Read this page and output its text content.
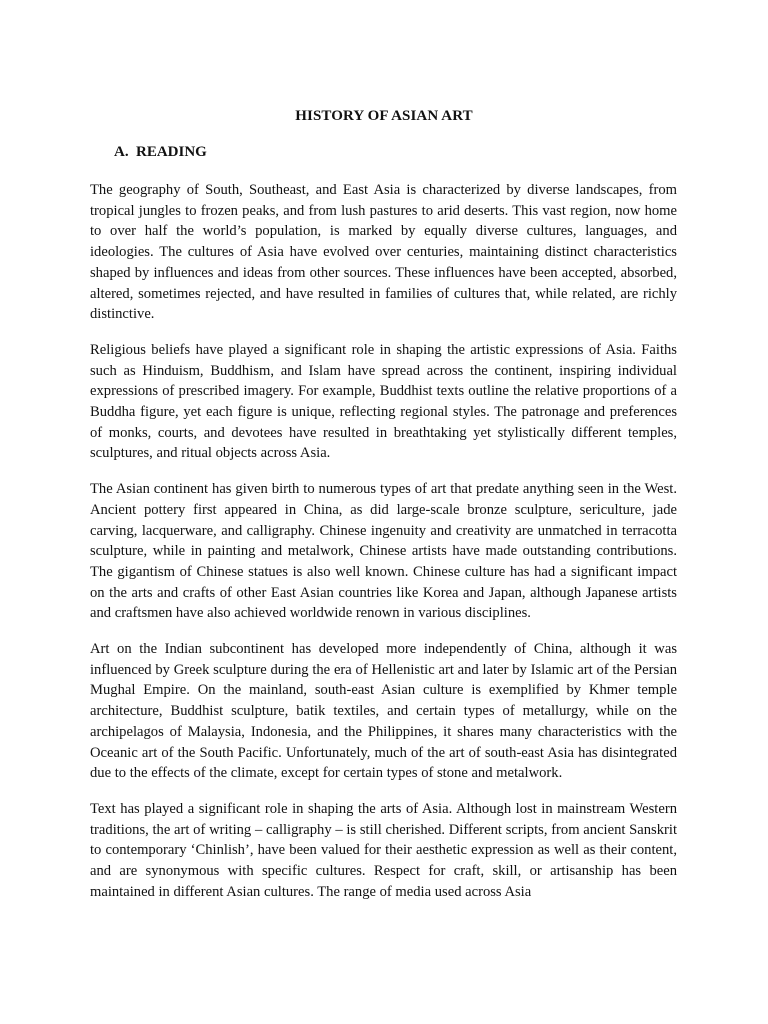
HISTORY OF ASIAN ART
A. READING

The geography of South, Southeast, and East Asia is characterized by diverse landscapes, from tropical jungles to frozen peaks, and from lush pastures to arid deserts. This vast region, now home to over half the world’s population, is marked by equally diverse cultures, languages, and ideologies. The cultures of Asia have evolved over centuries, maintaining distinct characteristics shaped by influences and ideas from other sources. These influences have been accepted, absorbed, altered, sometimes rejected, and have resulted in families of cultures that, while related, are richly distinctive.

Religious beliefs have played a significant role in shaping the artistic expressions of Asia. Faiths such as Hinduism, Buddhism, and Islam have spread across the continent, inspiring individual expressions of prescribed imagery. For example, Buddhist texts outline the relative proportions of a Buddha figure, yet each figure is unique, reflecting regional styles. The patronage and preferences of monks, courts, and devotees have resulted in breathtaking yet stylistically different temples, sculptures, and ritual objects across Asia.

The Asian continent has given birth to numerous types of art that predate anything seen in the West. Ancient pottery first appeared in China, as did large-scale bronze sculpture, sericulture, jade carving, lacquerware, and calligraphy. Chinese ingenuity and creativity are unmatched in terracotta sculpture, while in painting and metalwork, Chinese artists have made outstanding contributions. The gigantism of Chinese statues is also well known. Chinese culture has had a significant impact on the arts and crafts of other East Asian countries like Korea and Japan, although Japanese artists and craftsmen have also achieved worldwide renown in various disciplines.

Art on the Indian subcontinent has developed more independently of China, although it was influenced by Greek sculpture during the era of Hellenistic art and later by Islamic art of the Persian Mughal Empire. On the mainland, south-east Asian culture is exemplified by Khmer temple architecture, Buddhist sculpture, batik textiles, and certain types of metallurgy, while on the archipelagos of Malaysia, Indonesia, and the Philippines, it shares many characteristics with the Oceanic art of the South Pacific. Unfortunately, much of the art of south-east Asia has disintegrated due to the effects of the climate, except for certain types of stone and metalwork.

Text has played a significant role in shaping the arts of Asia. Although lost in mainstream Western traditions, the art of writing – calligraphy – is still cherished. Different scripts, from ancient Sanskrit to contemporary ‘Chinlish’, have been valued for their aesthetic expression as well as their content, and are synonymous with specific cultures. Respect for craft, skill, or artisanship has been maintained in different Asian cultures. The range of media used across Asia
